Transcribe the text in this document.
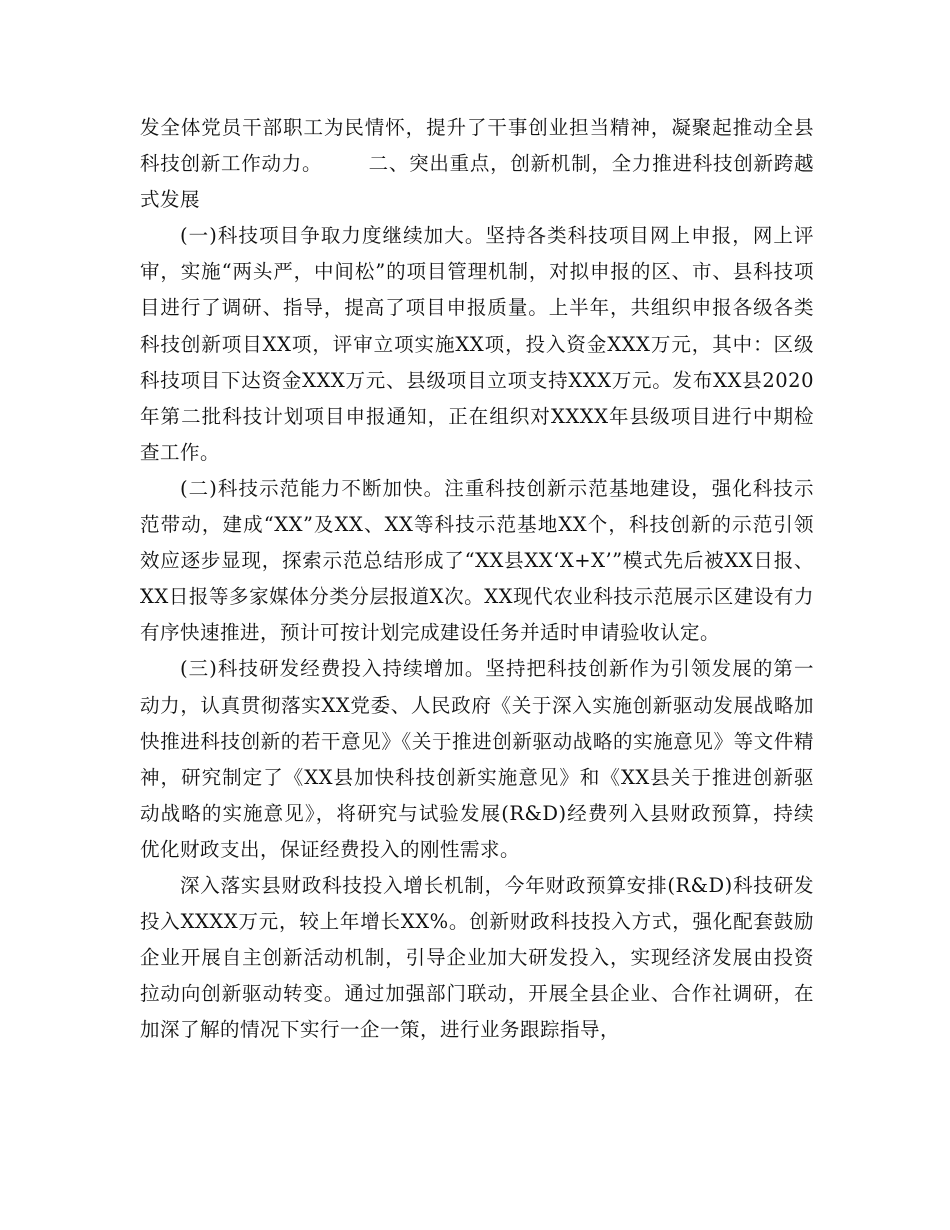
发全体党员干部职工为民情怀，提升了干事创业担当精神，凝聚起推动全县科技创新工作动力。 二、突出重点，创新机制，全力推进科技创新跨越式发展

(一)科技项目争取力度继续加大。坚持各类科技项目网上申报，网上评审，实施“两头严，中间松”的项目管理机制，对拟申报的区、市、县科技项目进行了调研、指导，提高了项目申报质量。上半年，共组织申报各级各类科技创新项目XX项，评审立项实施XX项，投入资金XXX万元，其中：区级科技项目下达资金XXX万元、县级项目立项支持XXX万元。发布XX县2020年第二批科技计划项目申报通知，正在组织对XXXX年县级项目进行中期检查工作。

(二)科技示范能力不断加快。注重科技创新示范基地建设，强化科技示范带动，建成“XX”及XX、XX等科技示范基地XX个，科技创新的示范引领效应逐步显现，探索示范总结形成了“XX县XX‘X+X’”模式先后被XX日报、XX日报等多家媒体分类分层报道X次。XX现代农业科技示范展示区建设有力有序快速推进，预计可按计划完成建设任务并适时申请验收认定。

(三)科技研发经费投入持续增加。坚持把科技创新作为引领发展的第一动力，认真贯彻落实XX党委、人民政府《关于深入实施创新驱动发展战略加快推进科技创新的若干意见》《关于推进创新驱动战略的实施意见》等文件精神，研究制定了《XX县加快科技创新实施意见》和《XX县关于推进创新驱动战略的实施意见》，将研究与试验发展(R&D)经费列入县财政预算，持续优化财政支出，保证经费投入的刚性需求。

深入落实县财政科技投入增长机制，今年财政预算安排(R&D)科技研发投入XXXX万元，较上年增长XX%。创新财政科技投入方式，强化配套鼓励企业开展自主创新活动机制，引导企业加大研发投入，实现经济发展由投资拉动向创新驱动转变。通过加强部门联动，开展全县企业、合作社调研，在加深了解的情况下实行一企一策，进行业务跟踪指导，
